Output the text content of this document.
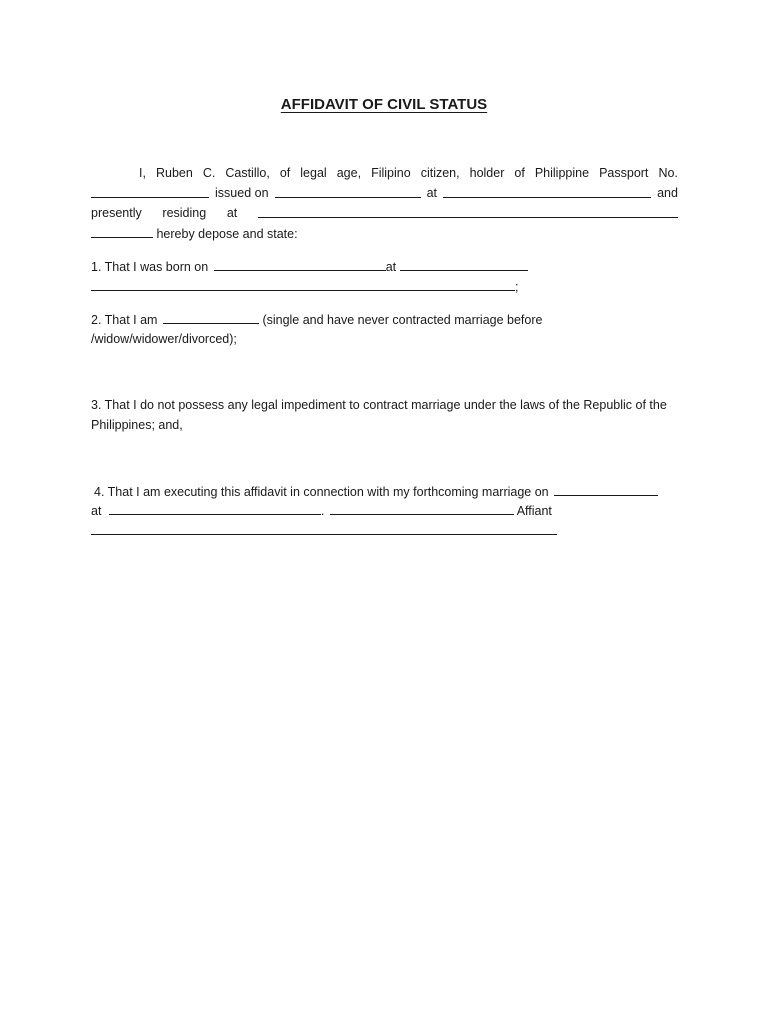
AFFIDAVIT OF CIVIL STATUS
I, Ruben C. Castillo, of legal age, Filipino citizen, holder of Philippine Passport No.
issued on	at	and
presently residing at
hereby depose and state:
1. That I was born on	at
;
2. That I am	(single and have never contracted marriage before
/widow/widower/divorced);
3. That I do not possess any legal impediment to contract marriage under the laws of the Republic of the
Philippines; and,
4. That I am executing this affidavit in connection with my forthcoming marriage on
at	.	Affiant
